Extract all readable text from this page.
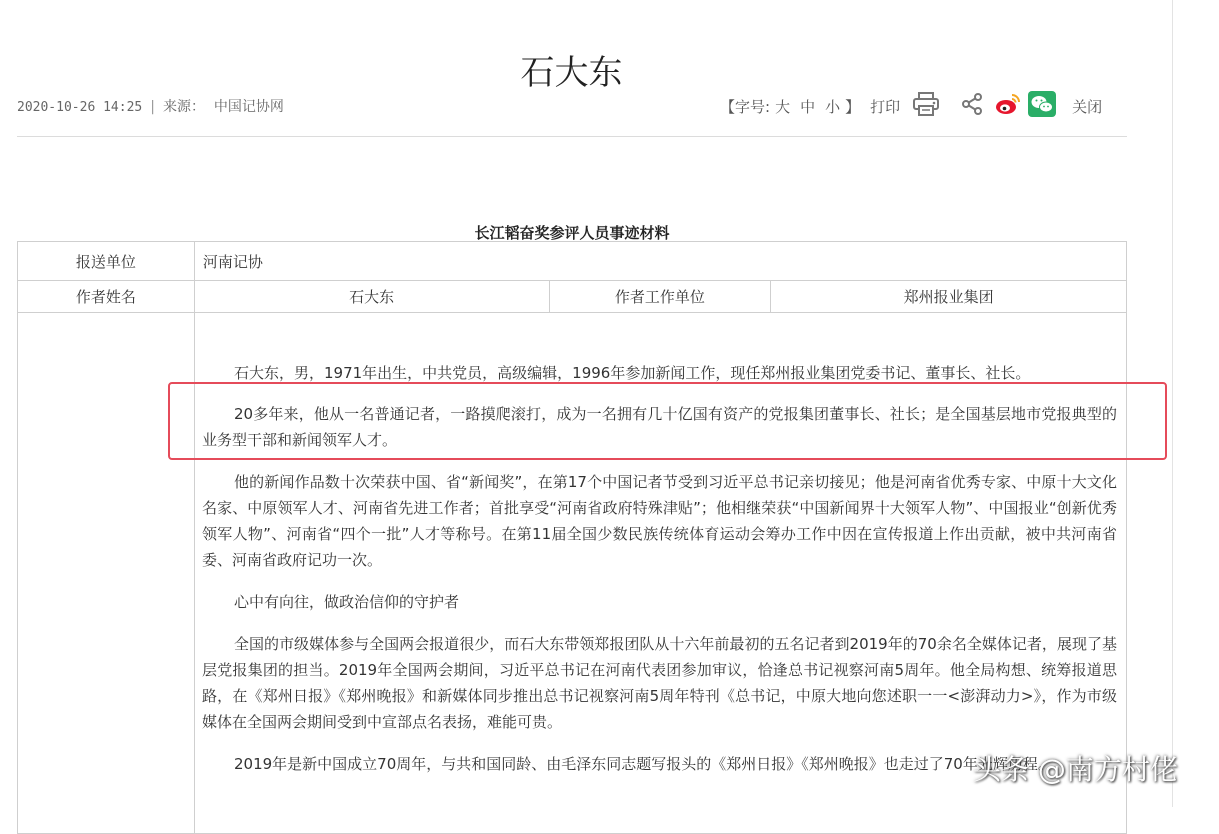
石大东
2020-10-26 14:25 | 来源： 中国记协网	【字号: 大 中 小 】 打印	关闭
长江韬奋奖参评人员事迹材料
报送单位	河南记协		
作者姓名	石大东	作者工作单位	郑州报业集团

石大东，男，1971年出生，中共党员，高级编辑，1996年参加新闻工作，现任郑州报业集团党委书记、董事长、社长。

20多年来，他从一名普通记者，一路摸爬滚打，成为一名拥有几十亿国有资产的党报集团董事长、社长；是全国基层地市党报典型的业务型干部和新闻领军人才。

他的新闻作品数十次荣获中国、省“新闻奖”，在第17个中国记者节受到习近平总书记亲切接见；他是河南省优秀专家、中原十大文化名家、中原领军人才、河南省先进工作者；首批享受“河南省政府特殊津贴”；他相继荣获“中国新闻界十大领军人物”、中国报业“创新优秀领军人物”、河南省“四个一批”人才等称号。在第11届全国少数民族传统体育运动会筹办工作中因在宣传报道上作出贡献，被中共河南省委、河南省政府记功一次。

心中有向往，做政治信仰的守护者

全国的市级媒体参与全国两会报道很少，而石大东带领郑报团队从十六年前最初的五名记者到2019年的70余名全媒体记者，展现了基层党报集团的担当。2019年全国两会期间，习近平总书记在河南代表团参加审议，恰逢总书记视察河南5周年。他全局构想、统筹报道思路，在《郑州日报》《郑州晚报》和新媒体同步推出总书记视察河南5周年特刊《总书记，中原大地向您述职一一<澎湃动力>》，作为市级媒体在全国两会期间受到中宣部点名表扬，难能可贵。

2019年是新中国成立70周年，与共和国同龄、由毛泽东同志题写报头的《郑州日报》《郑州晚报》也走过了70年光辉历程。

头条 @南方村佬
